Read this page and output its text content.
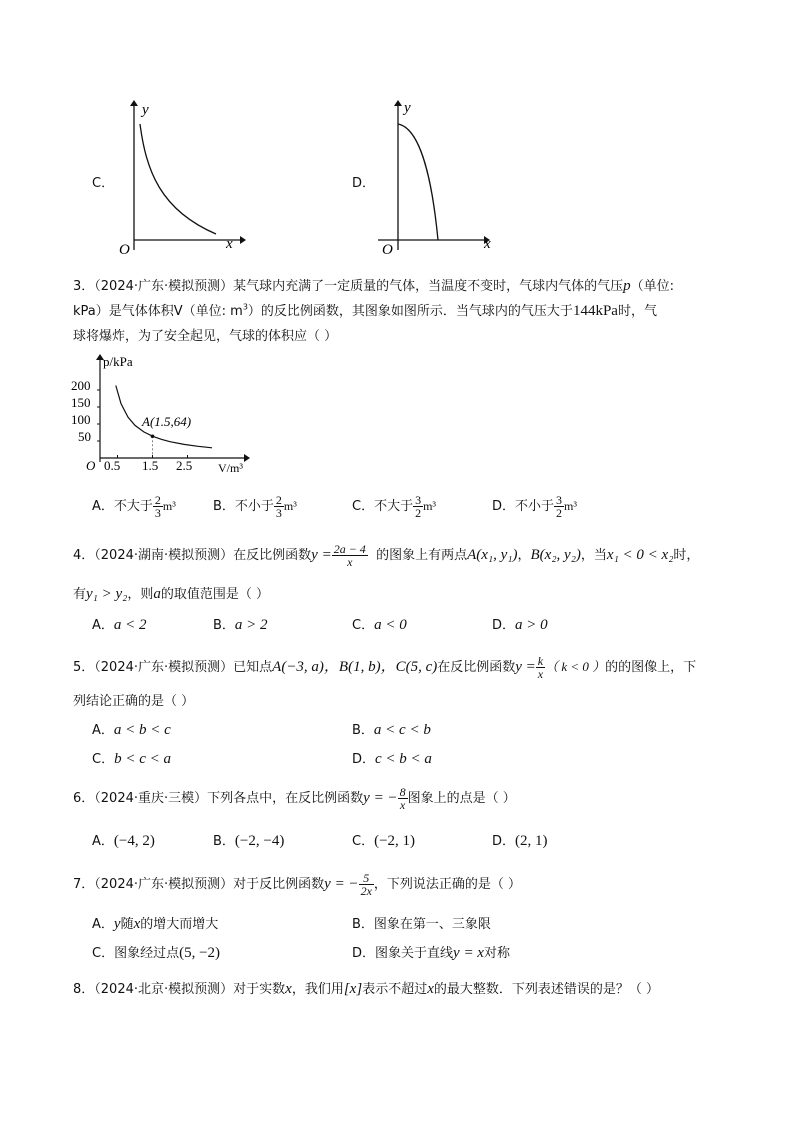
C．
y
x
O
D．
y
x
O
3．（2024·广东·模拟预测）某气球内充满了一定质量的气体，当温度不变时，气球内气体的气压p（单位:
kPa）是气体体积V（单位: $m^3$）的反比例函数，其图象如图所示．当气球内的气压大于144kPa时，气
球将爆炸，为了安全起见，气球的体积应（ ）
p/kPa
V/m³
O
200
150
100
50
0.5 1.5 2.5
A(1.5,64)
A．不大于 $\frac{2}{3} m^3$	B．不小于 $\frac{2}{3} m^3$	C．不大于 $\frac{3}{2} m^3$	D．不小于 $\frac{3}{2} m^3$
4．（2024·湖南·模拟预测）在反比例函数$y = \frac{2a - 4}{x}$ 的图象上有两点A(x₁, y₁)，B(x₂, y₂)，当x₁ < 0 < x₂时，
有y₁ > y₂，则a的取值范围是（ ）
A．a < 2	B．a > 2	C．a < 0	D．a > 0
5．（2024·广东·模拟预测）已知点A(−3, a)，B(1, b)，C(5, c)在反比例函数$y = \frac{k}{x}$ （ k < 0 ）的的图像上，下
列结论正确的是（ ）
A．a < b < c	B．a < c < b
C．b < c < a	D．c < b < a
6．（2024·重庆·三模）下列各点中，在反比例函数y = − $\frac{8}{x}$ 图象上的点是（ ）
A．(−4, 2)	B．(−2, −4)	C．(−2, 1)	D．(2, 1)
7．（2024·广东·模拟预测）对于反比例函数y = − $\frac{5}{2x}$ ，下列说法正确的是（ ）
A．y随x的增大而增大	B．图象在第一、三象限
C．图象经过点(5, −2)	D．图象关于直线y = x对称
8．（2024·北京·模拟预测）对于实数x，我们用[x]表示不超过x的最大整数．下列表述错误的是？（ ）
